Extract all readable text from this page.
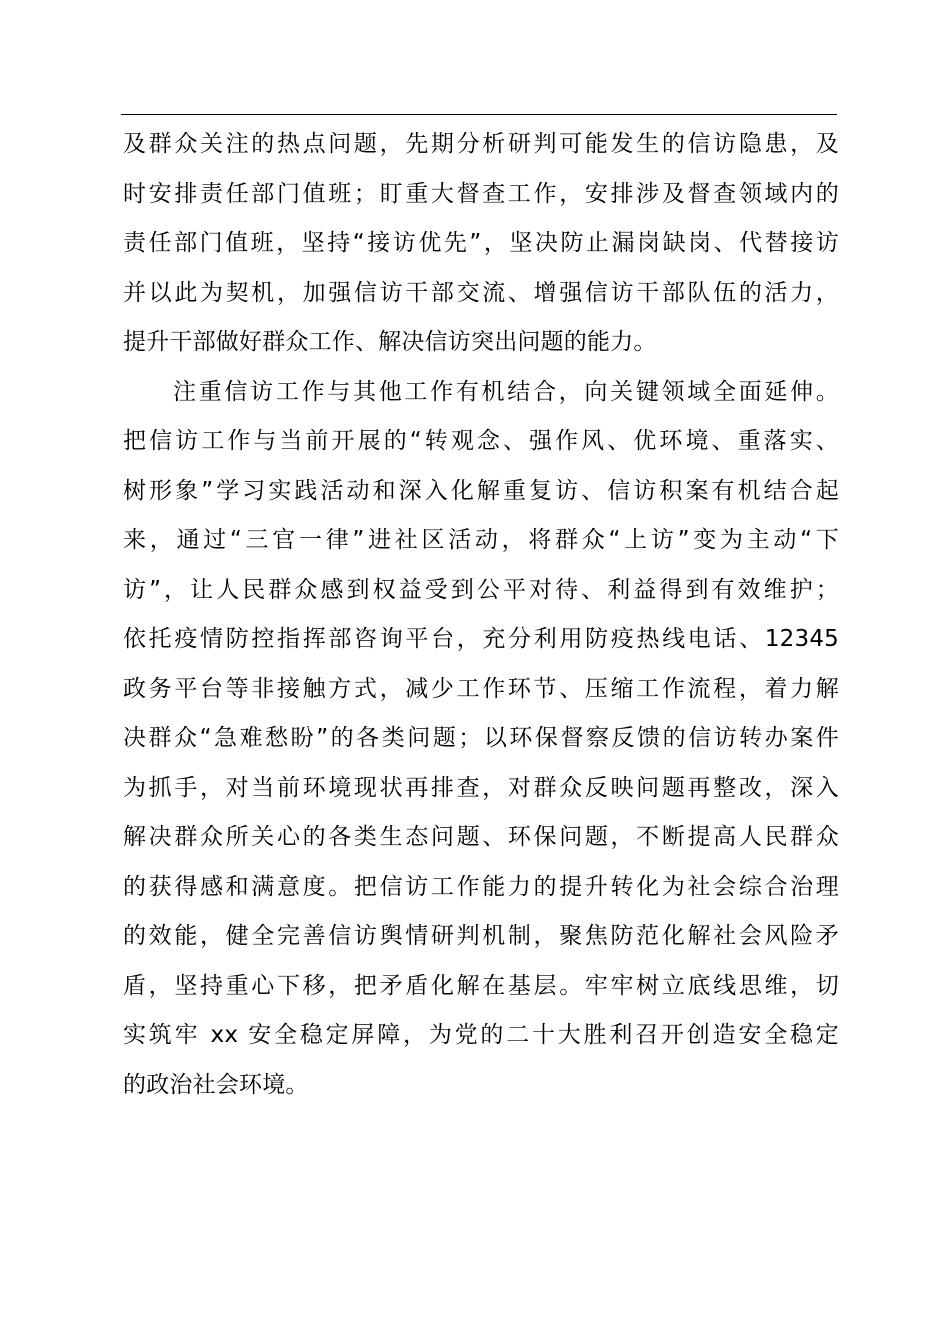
及群众关注的热点问题，先期分析研判可能发生的信访隐患，及
时安排责任部门值班；盯重大督查工作，安排涉及督查领域内的
责任部门值班，坚持“接访优先”，坚决防止漏岗缺岗、代替接访
并以此为契机，加强信访干部交流、增强信访干部队伍的活力，
提升干部做好群众工作、解决信访突出问题的能力。
注重信访工作与其他工作有机结合，向关键领域全面延伸。
把信访工作与当前开展的“转观念、强作风、优环境、重落实、
树形象”学习实践活动和深入化解重复访、信访积案有机结合起
来，通过“三官一律”进社区活动，将群众“上访”变为主动“下
访”，让人民群众感到权益受到公平对待、利益得到有效维护；
依托疫情防控指挥部咨询平台，充分利用防疫热线电话、12345
政务平台等非接触方式，减少工作环节、压缩工作流程，着力解
决群众“急难愁盼”的各类问题；以环保督察反馈的信访转办案件
为抓手，对当前环境现状再排查，对群众反映问题再整改，深入
解决群众所关心的各类生态问题、环保问题，不断提高人民群众
的获得感和满意度。把信访工作能力的提升转化为社会综合治理
的效能，健全完善信访舆情研判机制，聚焦防范化解社会风险矛
盾，坚持重心下移，把矛盾化解在基层。牢牢树立底线思维，切
实筑牢 xx 安全稳定屏障，为党的二十大胜利召开创造安全稳定
的政治社会环境。
